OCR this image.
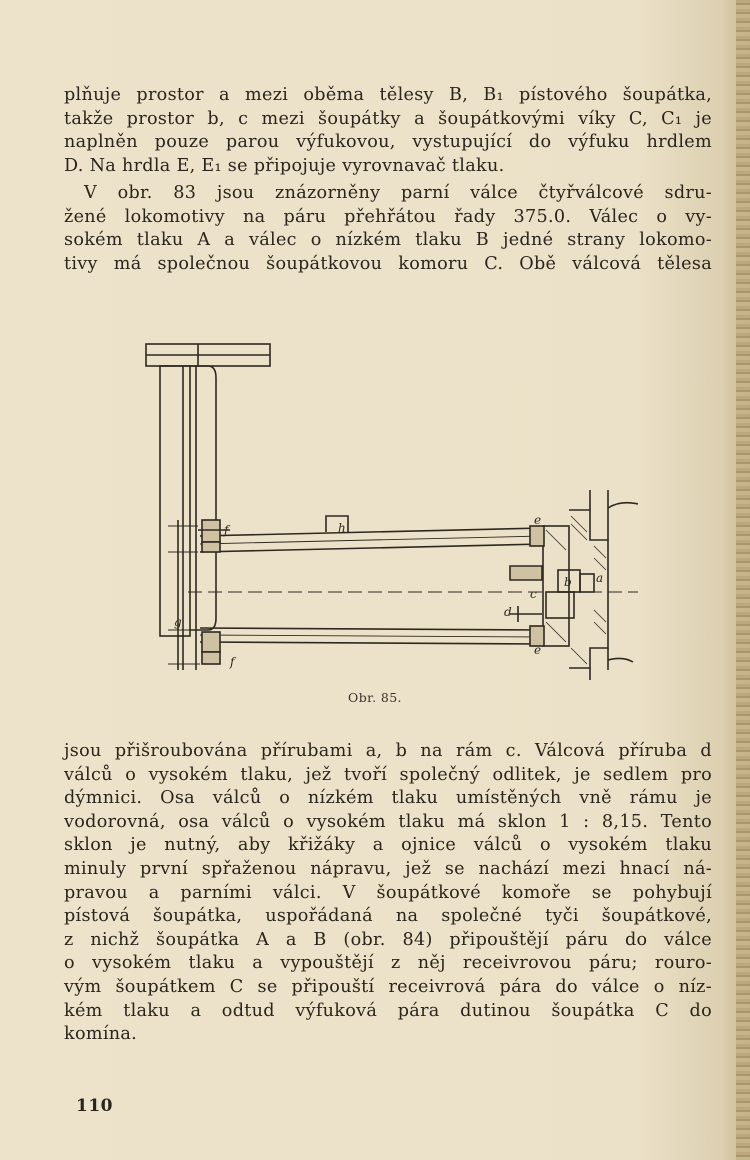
plňuje prostor a mezi oběma tělesy B, B₁ pístového šoupátka,
takže prostor b, c mezi šoupátky a šoupátkovými víky C, C₁ je
naplněn pouze parou výfukovou, vystupující do výfuku hrdlem
D. Na hrdla E, E₁ se připojuje vyrovnavač tlaku.

V obr. 83 jsou znázorněny parní válce čtyřválcové sdru-
žené lokomotivy na páru přehřátou řady 375.0. Válec o vy-
sokém tlaku A a válec o nízkém tlaku B jedné strany lokomo-
tivy má společnou šoupátkovou komoru C. Obě válcová tělesa

f	h
e
b a
c
d
g
e
f
Obr. 85.

jsou přišroubována přírubami a, b na rám c. Válcová příruba d
válců o vysokém tlaku, jež tvoří společný odlitek, je sedlem pro
dýmnici. Osa válců o nízkém tlaku umístěných vně rámu je
vodorovná, osa válců o vysokém tlaku má sklon 1 : 8,15. Tento
sklon je nutný, aby křižáky a ojnice válců o vysokém tlaku
minuly první spřaženou nápravu, jež se nachází mezi hnací ná-
pravou a parními válci. V šoupátkové komoře se pohybují
pístová šoupátka, uspořádaná na společné tyči šoupátkové,
z nichž šoupátka A a B (obr. 84) připouštějí páru do válce
o vysokém tlaku a vypouštějí z něj receivrovou páru; rouro-
vým šoupátkem C se připouští receivrová pára do válce o níz-
kém tlaku a odtud výfuková pára dutinou šoupátka C do
komína.

110
